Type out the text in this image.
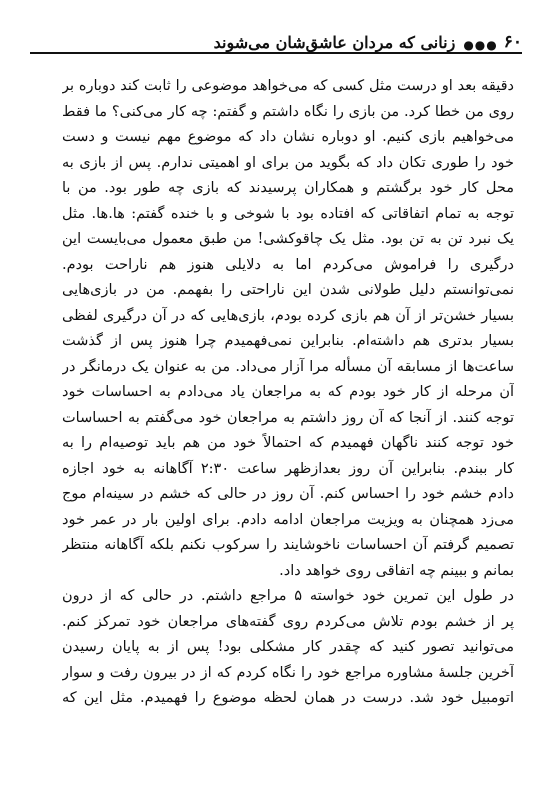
۶۰
●●●
زنانی که مردان عاشق‌شان می‌شوند
دقیقه بعد او درست مثل کسی که می‌خواهد موضوعی را ثابت کند دوباره بر
روی من خطا کرد. من بازی را نگاه داشتم و گفتم: چه کار می‌کنی؟ ما فقط
می‌خواهیم بازی کنیم. او دوباره نشان داد که موضوع مهم نیست و دست
خود را طوری تکان داد که بگوید من برای او اهمیتی ندارم. پس از بازی به
محل کار خود برگشتم و همکاران پرسیدند که بازی چه طور بود. من با
توجه به تمام اتفاقاتی که افتاده بود با شوخی و با خنده گفتم: ها.ها. مثل
یک نبرد تن به تن بود. مثل یک چاقوکشی! من طبق معمول می‌بایست این
درگیری را فراموش می‌کردم اما به دلایلی هنوز هم ناراحت بودم.
نمی‌توانستم دلیل طولانی شدن این ناراحتی را بفهمم. من در بازی‌هایی
بسیار خشن‌تر از آن هم بازی کرده بودم، بازی‌هایی که در آن درگیری لفظی
بسیار بدتری هم داشته‌ام. بنابراین نمی‌فهمیدم چرا هنوز پس از گذشت
ساعت‌ها از مسابقه آن مسأله مرا آزار می‌داد. من به عنوان یک درمانگر در
آن مرحله از کار خود بودم که به مراجعان یاد می‌دادم به احساسات خود
توجه کنند. از آنجا که آن روز داشتم به مراجعان خود می‌گفتم به احساسات
خود توجه کنند ناگهان فهمیدم که احتمالاً خود من هم باید توصیه‌ام را به
کار ببندم. بنابراین آن روز بعدازظهر ساعت ۲:۳۰ آگاهانه به خود اجازه
دادم خشم خود را احساس کنم. آن روز در حالی که خشم در سینه‌ام موج
می‌زد همچنان به ویزیت مراجعان ادامه دادم. برای اولین بار در عمر خود
تصمیم گرفتم آن احساسات ناخوشایند را سرکوب نکنم بلکه آگاهانه منتظر
بمانم و ببینم چه اتفاقی روی خواهد داد.
در طول این تمرین خود خواسته ۵ مراجع داشتم. در حالی که از درون
پر از خشم بودم تلاش می‌کردم روی گفته‌های مراجعان خود تمرکز کنم.
می‌توانید تصور کنید که چقدر کار مشکلی بود! پس از به پایان رسیدن
آخرین جلسهٔ مشاوره مراجع خود را نگاه کردم که از در بیرون رفت و سوار
اتومبیل خود شد. درست در همان لحظه موضوع را فهمیدم. مثل این که
